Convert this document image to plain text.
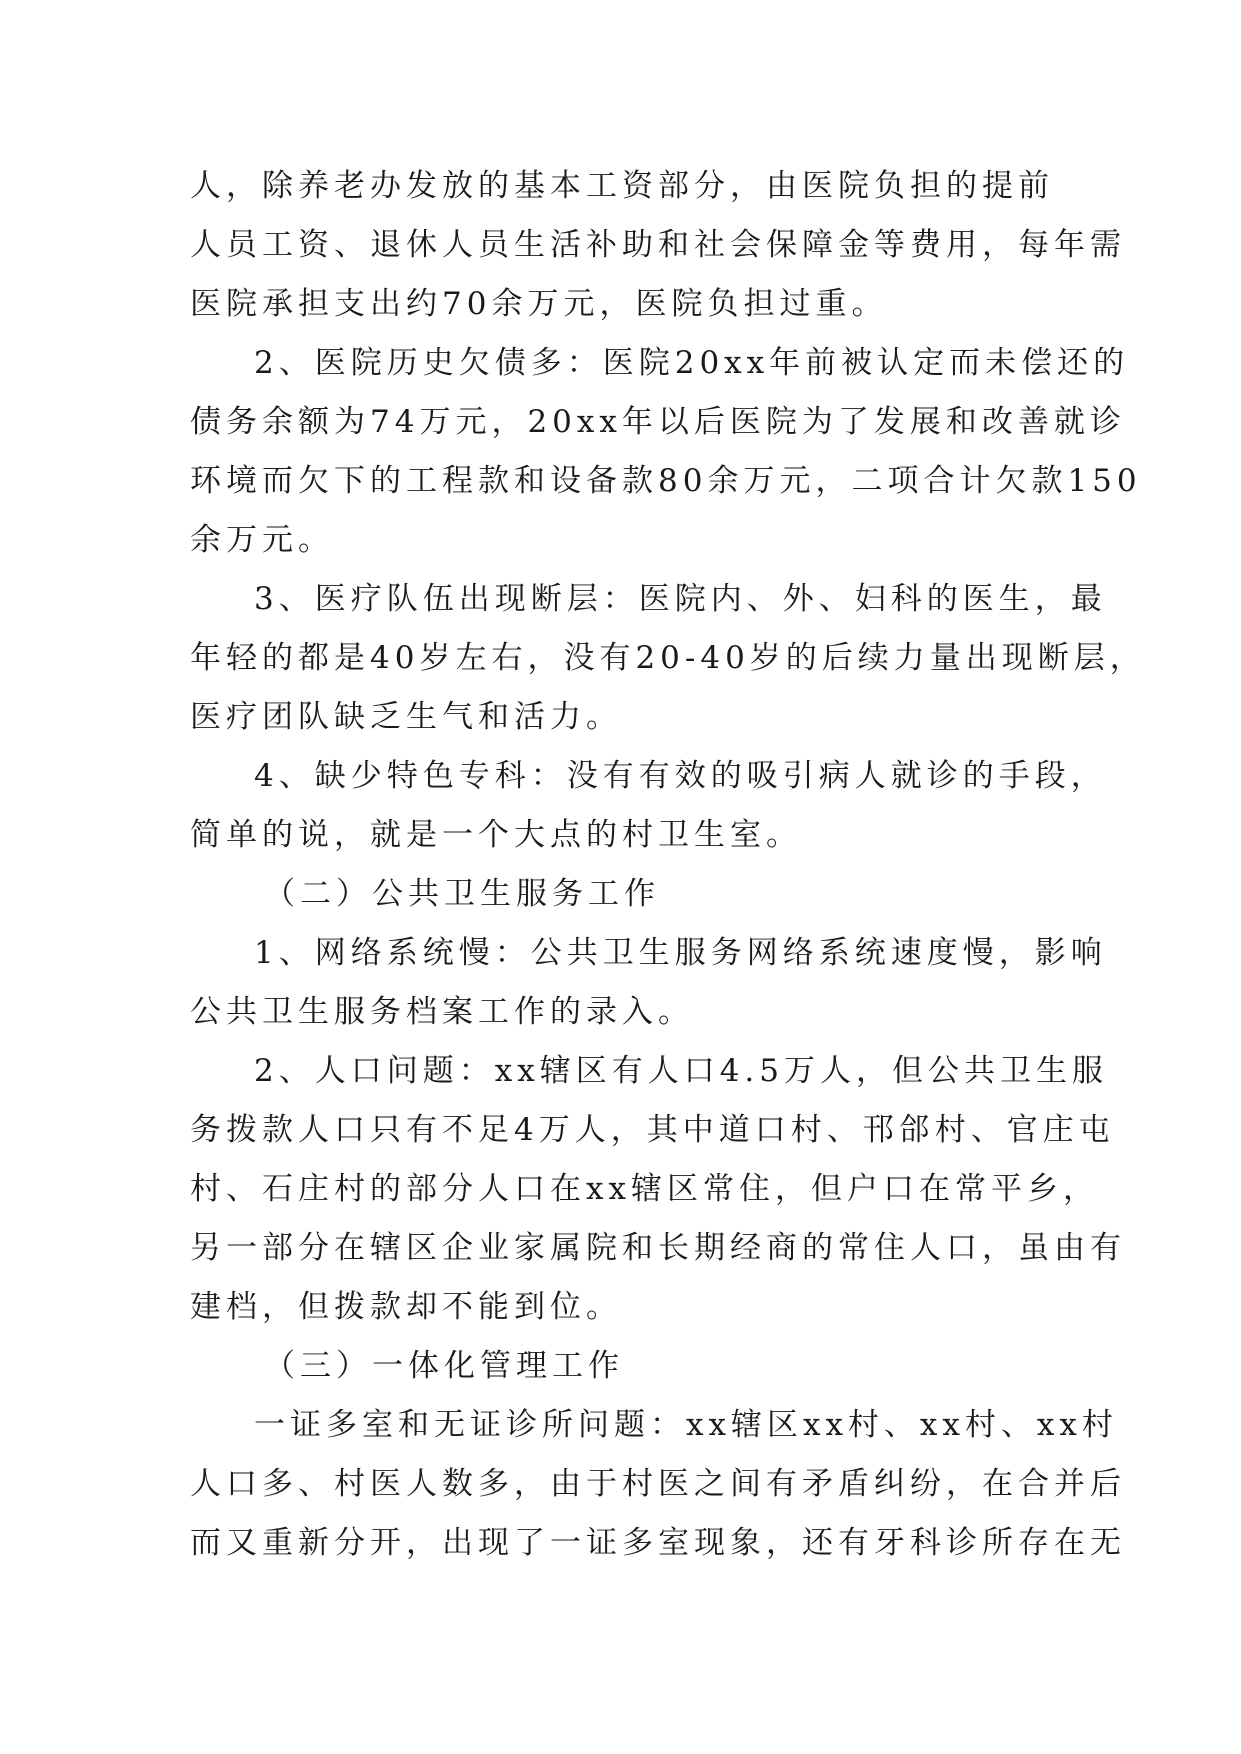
人，除养老办发放的基本工资部分，由医院负担的提前
人员工资、退休人员生活补助和社会保障金等费用，每年需
医院承担支出约70余万元，医院负担过重。
2、医院历史欠债多：医院20xx年前被认定而未偿还的
债务余额为74万元，20xx年以后医院为了发展和改善就诊
环境而欠下的工程款和设备款80余万元，二项合计欠款150
余万元。
3、医疗队伍出现断层：医院内、外、妇科的医生，最
年轻的都是40岁左右，没有20-40岁的后续力量出现断层，
医疗团队缺乏生气和活力。
4、缺少特色专科：没有有效的吸引病人就诊的手段，
简单的说，就是一个大点的村卫生室。
（二）公共卫生服务工作
1、网络系统慢：公共卫生服务网络系统速度慢，影响
公共卫生服务档案工作的录入。
2、人口问题：xx辖区有人口4.5万人，但公共卫生服
务拨款人口只有不足4万人，其中道口村、邗郃村、官庄屯
村、石庄村的部分人口在xx辖区常住，但户口在常平乡，
另一部分在辖区企业家属院和长期经商的常住人口，虽由有
建档，但拨款却不能到位。
（三）一体化管理工作
一证多室和无证诊所问题：xx辖区xx村、xx村、xx村
人口多、村医人数多，由于村医之间有矛盾纠纷，在合并后
而又重新分开，出现了一证多室现象，还有牙科诊所存在无
